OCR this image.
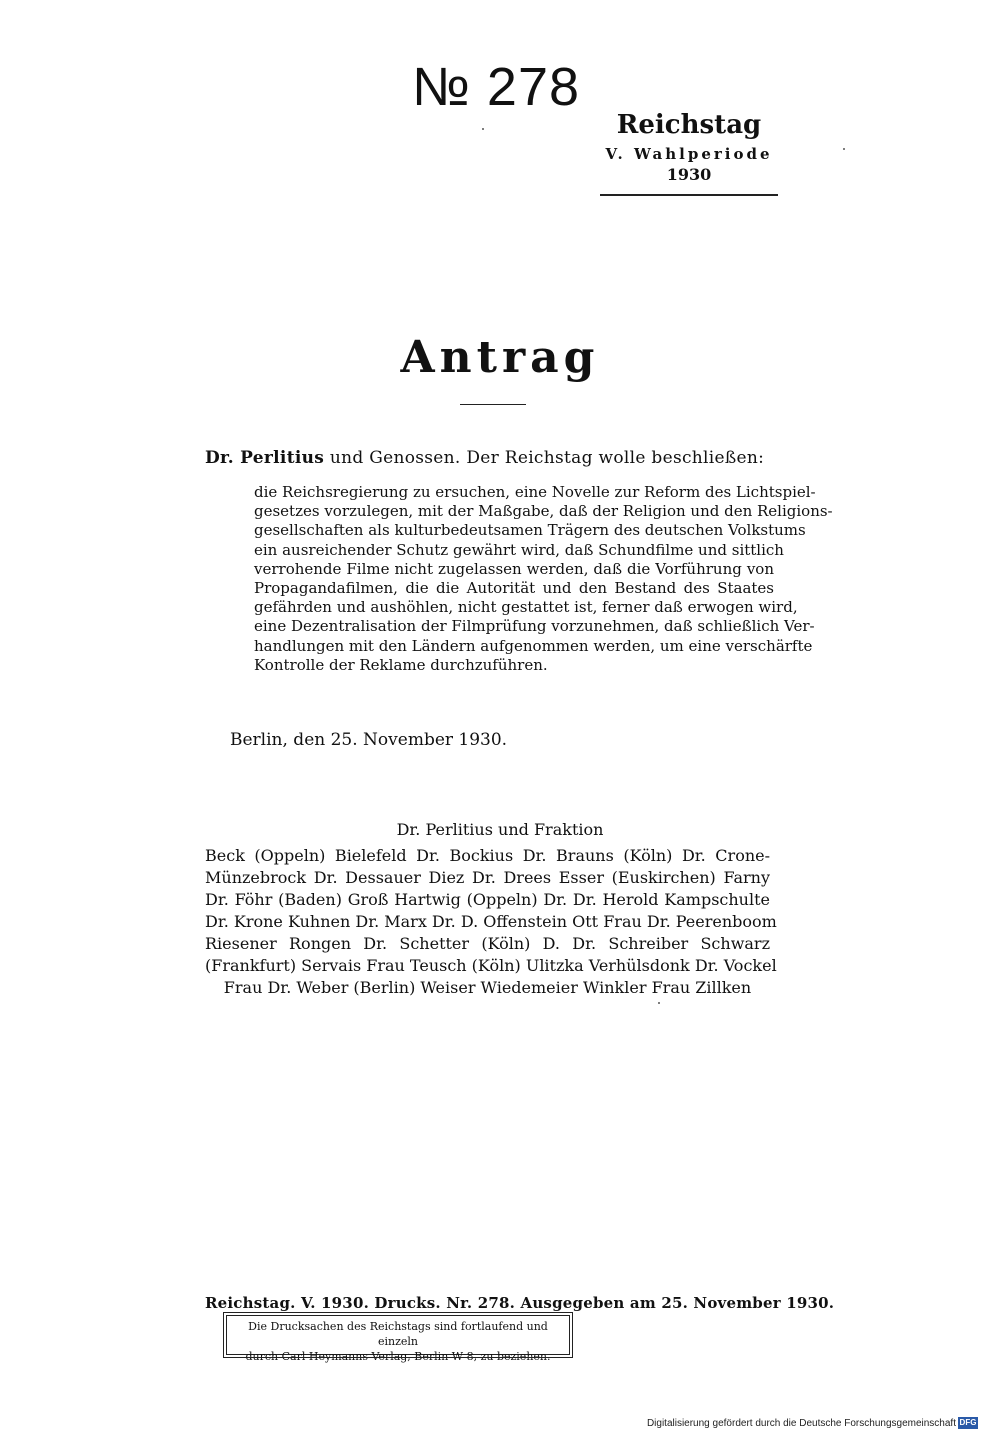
№ 278
Reichstag
V. Wahlperiode
1930
Antrag
Dr. Perlitius und Genossen. Der Reichstag wolle beschließen:

die Reichsregierung zu ersuchen, eine Novelle zur Reform des Lichtspiel-
gesetzes vorzulegen, mit der Maßgabe, daß der Religion und den Religions-
gesellschaften als kulturbedeutsamen Trägern des deutschen Volkstums
ein ausreichender Schutz gewährt wird, daß Schundfilme und sittlich
verrohende Filme nicht zugelassen werden, daß die Vorführung von
Propagandafilmen, die die Autorität und den Bestand des Staates
gefährden und aushöhlen, nicht gestattet ist, ferner daß erwogen wird,
eine Dezentralisation der Filmprüfung vorzunehmen, daß schließlich Ver-
handlungen mit den Ländern aufgenommen werden, um eine verschärfte
Kontrolle der Reklame durchzuführen.

Berlin, den 25. November 1930.
Dr. Perlitius und Fraktion
Beck (Oppeln) Bielefeld Dr. Bockius Dr. Brauns (Köln) Dr. Crone-
Münzebrock Dr. Dessauer Diez Dr. Drees Esser (Euskirchen) Farny
Dr. Föhr (Baden) Groß Hartwig (Oppeln) Dr. Dr. Herold Kampschulte
Dr. Krone Kuhnen Dr. Marx Dr. D. Offenstein Ott Frau Dr. Peerenboom
Riesener Rongen Dr. Schetter (Köln) D. Dr. Schreiber Schwarz
(Frankfurt) Servais Frau Teusch (Köln) Ulitzka Verhülsdonk Dr. Vockel
Frau Dr. Weber (Berlin) Weiser Wiedemeier Winkler Frau Zillken
Reichstag. V. 1930. Drucks. Nr. 278. Ausgegeben am 25. November 1930.
Die Drucksachen des Reichstags sind fortlaufend und einzeln
durch Carl Heymanns Verlag, Berlin W 8, zu beziehen.
Digitalisierung gefördert durch die Deutsche Forschungsgemeinschaft DFG
